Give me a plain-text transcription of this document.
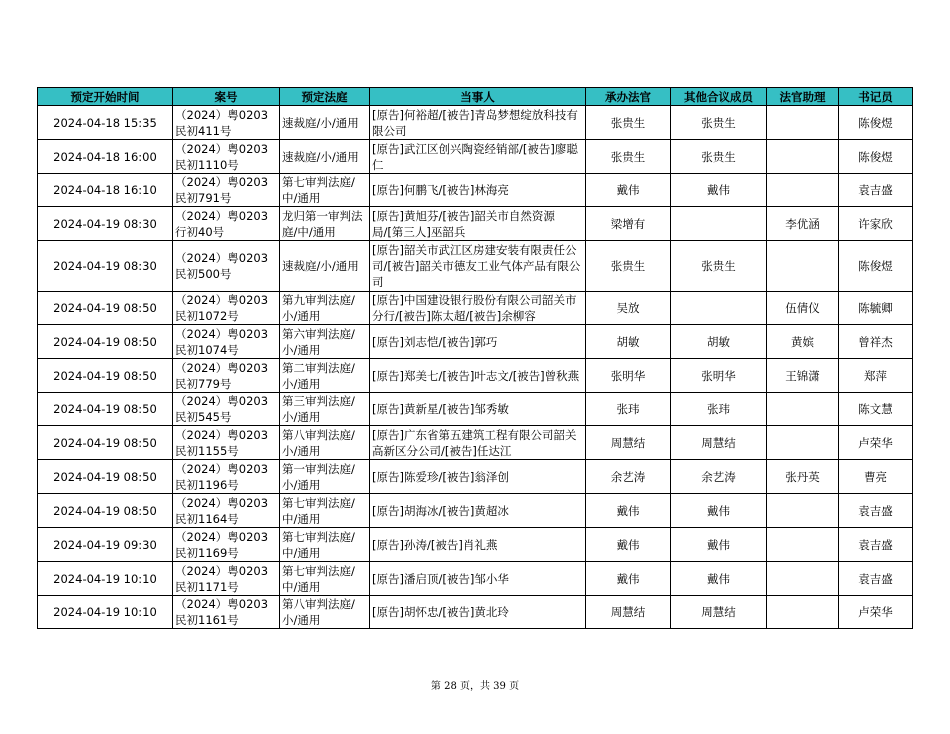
预定开始时间	案号	预定法庭	当事人	承办法官	其他合议成员	法官助理	书记员
2024-04-18 15:35	（2024）粤0203民初411号	速裁庭/小/通用	[原告]何裕超/[被告]青岛梦想绽放科技有限公司	张贵生	张贵生		陈俊煜
2024-04-18 16:00	（2024）粤0203民初1110号	速裁庭/小/通用	[原告]武江区创兴陶瓷经销部/[被告]廖聪仁	张贵生	张贵生		陈俊煜
2024-04-18 16:10	（2024）粤0203民初791号	第七审判法庭/中/通用	[原告]何鹏飞/[被告]林海亮	戴伟	戴伟		袁吉盛
2024-04-19 08:30	（2024）粤0203行初40号	龙归第一审判法庭/中/通用	[原告]黄旭芬/[被告]韶关市自然资源局/[第三人]巫韶兵	梁增有		李优涵	许家欣
2024-04-19 08:30	（2024）粤0203民初500号	速裁庭/小/通用	[原告]韶关市武江区房建安装有限责任公司/[被告]韶关市德友工业气体产品有限公司	张贵生	张贵生		陈俊煜
2024-04-19 08:50	（2024）粤0203民初1072号	第九审判法庭/小/通用	[原告]中国建设银行股份有限公司韶关市分行/[被告]陈太超/[被告]余柳容	吴放		伍倩仪	陈毓卿
2024-04-19 08:50	（2024）粤0203民初1074号	第六审判法庭/小/通用	[原告]刘志恺/[被告]郭巧	胡敏	胡敏	黄嫔	曾祥杰
2024-04-19 08:50	（2024）粤0203民初779号	第二审判法庭/小/通用	[原告]郑美七/[被告]叶志文/[被告]曾秋燕	张明华	张明华	王锦潇	郑萍
2024-04-19 08:50	（2024）粤0203民初545号	第三审判法庭/小/通用	[原告]黄新星/[被告]邹秀敏	张玮	张玮		陈文慧
2024-04-19 08:50	（2024）粤0203民初1155号	第八审判法庭/小/通用	[原告]广东省第五建筑工程有限公司韶关高新区分公司/[被告]任达江	周慧结	周慧结		卢荣华
2024-04-19 08:50	（2024）粤0203民初1196号	第一审判法庭/小/通用	[原告]陈爱珍/[被告]翁泽创	余艺涛	余艺涛	张丹英	曹亮
2024-04-19 08:50	（2024）粤0203民初1164号	第七审判法庭/中/通用	[原告]胡海冰/[被告]黄超冰	戴伟	戴伟		袁吉盛
2024-04-19 09:30	（2024）粤0203民初1169号	第七审判法庭/中/通用	[原告]孙涛/[被告]肖礼燕	戴伟	戴伟		袁吉盛
2024-04-19 10:10	（2024）粤0203民初1171号	第七审判法庭/中/通用	[原告]潘启顶/[被告]邹小华	戴伟	戴伟		袁吉盛
2024-04-19 10:10	（2024）粤0203民初1161号	第八审判法庭/小/通用	[原告]胡怀忠/[被告]黄北玲	周慧结	周慧结		卢荣华
第 28 页，共 39 页
